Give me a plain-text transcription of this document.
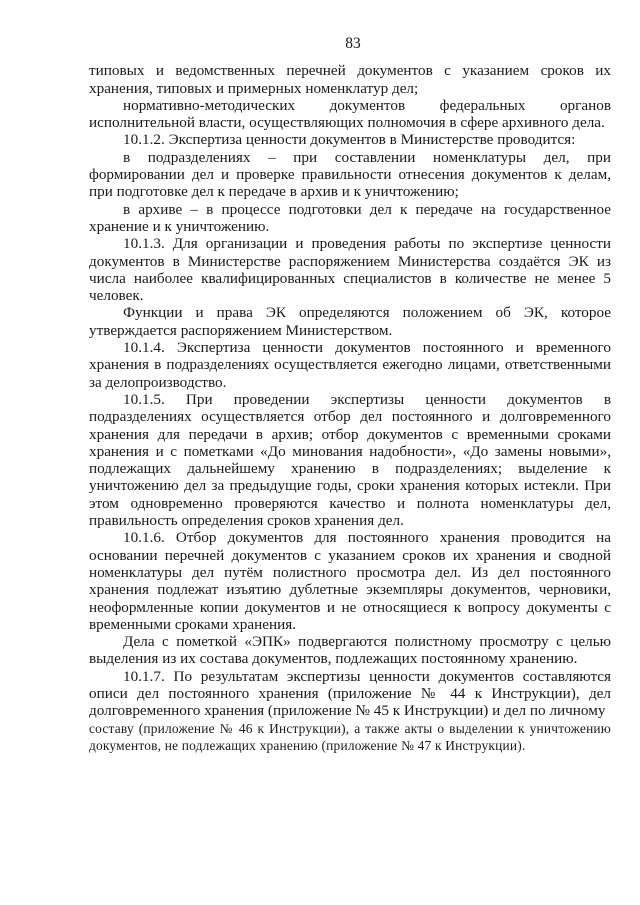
83

типовых и ведомственных перечней документов с указанием сроков их хранения, типовых и примерных номенклатур дел;

нормативно-методических документов федеральных органов исполнительной власти, осуществляющих полномочия в сфере архивного дела.

10.1.2. Экспертиза ценности документов в Министерстве проводится:

в подразделениях – при составлении номенклатуры дел, при формировании дел и проверке правильности отнесения документов к делам, при подготовке дел к передаче в архив и к уничтожению;

в архиве – в процессе подготовки дел к передаче на государственное хранение и к уничтожению.

10.1.3. Для организации и проведения работы по экспертизе ценности документов в Министерстве распоряжением Министерства создаётся ЭК из числа наиболее квалифицированных специалистов в количестве не менее 5 человек.

Функции и права ЭК определяются положением об ЭК, которое утверждается распоряжением Министерством.

10.1.4. Экспертиза ценности документов постоянного и временного хранения в подразделениях осуществляется ежегодно лицами, ответственными за делопроизводство.

10.1.5. При проведении экспертизы ценности документов в подразделениях осуществляется отбор дел постоянного и долговременного хранения для передачи в архив; отбор документов с временными сроками хранения и с пометками «До минования надобности», «До замены новыми», подлежащих дальнейшему хранению в подразделениях; выделение к уничтожению дел за предыдущие годы, сроки хранения которых истекли. При этом одновременно проверяются качество и полнота номенклатуры дел, правильность определения сроков хранения дел.

10.1.6. Отбор документов для постоянного хранения проводится на основании перечней документов с указанием сроков их хранения и сводной номенклатуры дел путём полистного просмотра дел. Из дел постоянного хранения подлежат изъятию дублетные экземпляры документов, черновики, неоформленные копии документов и не относящиеся к вопросу документы с временными сроками хранения.

Дела с пометкой «ЭПК» подвергаются полистному просмотру с целью выделения из их состава документов, подлежащих постоянному хранению.

10.1.7. По результатам экспертизы ценности документов составляются описи дел постоянного хранения (приложение № 44 к Инструкции), дел долговременного хранения (приложение № 45 к Инструкции) и дел по личному

составу (приложение № 46 к Инструкции), а также акты о выделении к уничтожению документов, не подлежащих хранению (приложение № 47 к Инструкции).
